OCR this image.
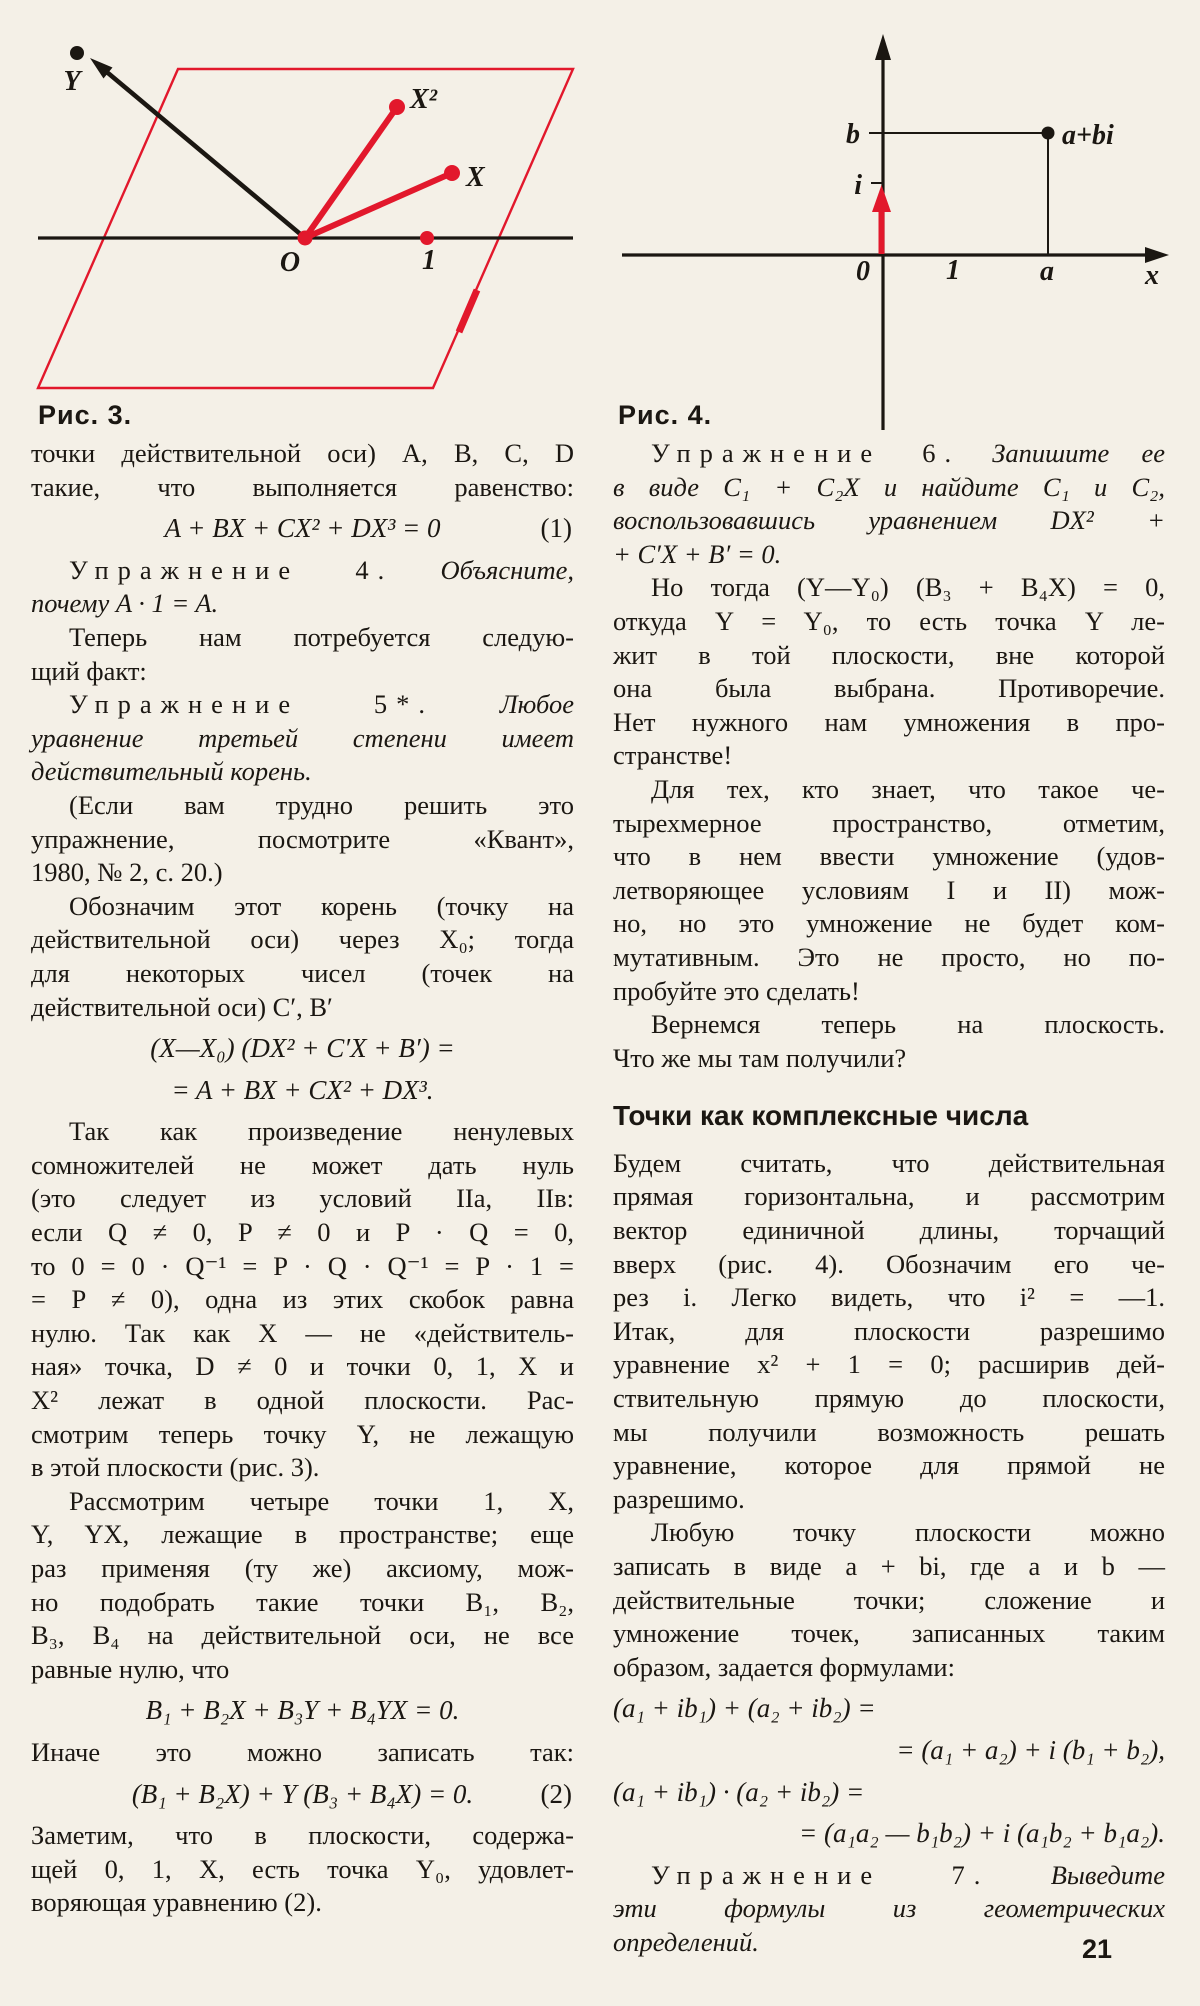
Y
X²
X
O	1
Рис. 3.
b
i
a+bi
0	1	a	x
Рис. 4.
точки действительной оси) A, B, C, D
такие, что выполняется равенство:
A + BX + CX² + DX³ = 0	(1)
Упражнение 4. Объясните,
почему A · 1 = A.
Теперь нам потребуется следую-
щий факт:
Упражнение 5*. Любое
уравнение третьей степени имеет
действительный корень.
(Если вам трудно решить это
упражнение, посмотрите «Квант»,
1980, № 2, с. 20.)
Обозначим этот корень (точку на
действительной оси) через X₀; тогда
для некоторых чисел (точек на
действительной оси) C′, B′
(X—X₀) (DX² + C′X + B′) =
= A + BX + CX² + DX³.
Так как произведение ненулевых
сомножителей не может дать нуль
(это следует из условий IIа, IIв:
если Q ≠ 0, P ≠ 0 и P · Q = 0,
то 0 = 0 · Q⁻¹ = P · Q · Q⁻¹ = P · 1 =
= P ≠ 0), одна из этих скобок равна
нулю. Так как X — не «действитель-
ная» точка, D ≠ 0 и точки 0, 1, X и
X² лежат в одной плоскости. Рас-
смотрим теперь точку Y, не лежащую
в этой плоскости (рис. 3).
Рассмотрим четыре точки 1, X,
Y, YX, лежащие в пространстве; еще
раз применяя (ту же) аксиому, мож-
но подобрать такие точки B₁, B₂,
B₃, B₄ на действительной оси, не все
равные нулю, что
B₁ + B₂X + B₃Y + B₄YX = 0.
Иначе это можно записать так:
(B₁ + B₂X) + Y (B₃ + B₄X) = 0. (2)
Заметим, что в плоскости, содержа-
щей 0, 1, X, есть точка Y₀, удовлет-
воряющая уравнению (2).
Упражнение 6. Запишите ее
в виде C₁ + C₂X и найдите C₁ и C₂,
воспользовавшись уравнением DX² +
+ C′X + B′ = 0.
Но тогда (Y—Y₀) (B₃ + B₄X) = 0,
откуда Y = Y₀, то есть точка Y ле-
жит в той плоскости, вне которой
она была выбрана. Противоречие.
Нет нужного нам умножения в про-
странстве!
Для тех, кто знает, что такое че-
тырехмерное пространство, отметим,
что в нем ввести умножение (удов-
летворяющее условиям I и II) мож-
но, но это умножение не будет ком-
мутативным. Это не просто, но по-
пробуйте это сделать!
Вернемся теперь на плоскость.
Что же мы там получили?
Точки как комплексные числа
Будем считать, что действительная
прямая горизонтальна, и рассмотрим
вектор единичной длины, торчащий
вверх (рис. 4). Обозначим его че-
рез i. Легко видеть, что i² = —1.
Итак, для плоскости разрешимо
уравнение x² + 1 = 0; расширив дей-
ствительную прямую до плоскости,
мы получили возможность решать
уравнение, которое для прямой не
разрешимо.
Любую точку плоскости можно
записать в виде a + bi, где a и b —
действительные точки; сложение и
умножение точек, записанных таким
образом, задается формулами:
(a₁ + ib₁) + (a₂ + ib₂) =
= (a₁ + a₂) + i (b₁ + b₂),
(a₁ + ib₁) · (a₂ + ib₂) =
= (a₁a₂ — b₁b₂) + i (a₁b₂ + b₁a₂).
Упражнение 7. Выведите
эти формулы из геометрических
определений.	21
